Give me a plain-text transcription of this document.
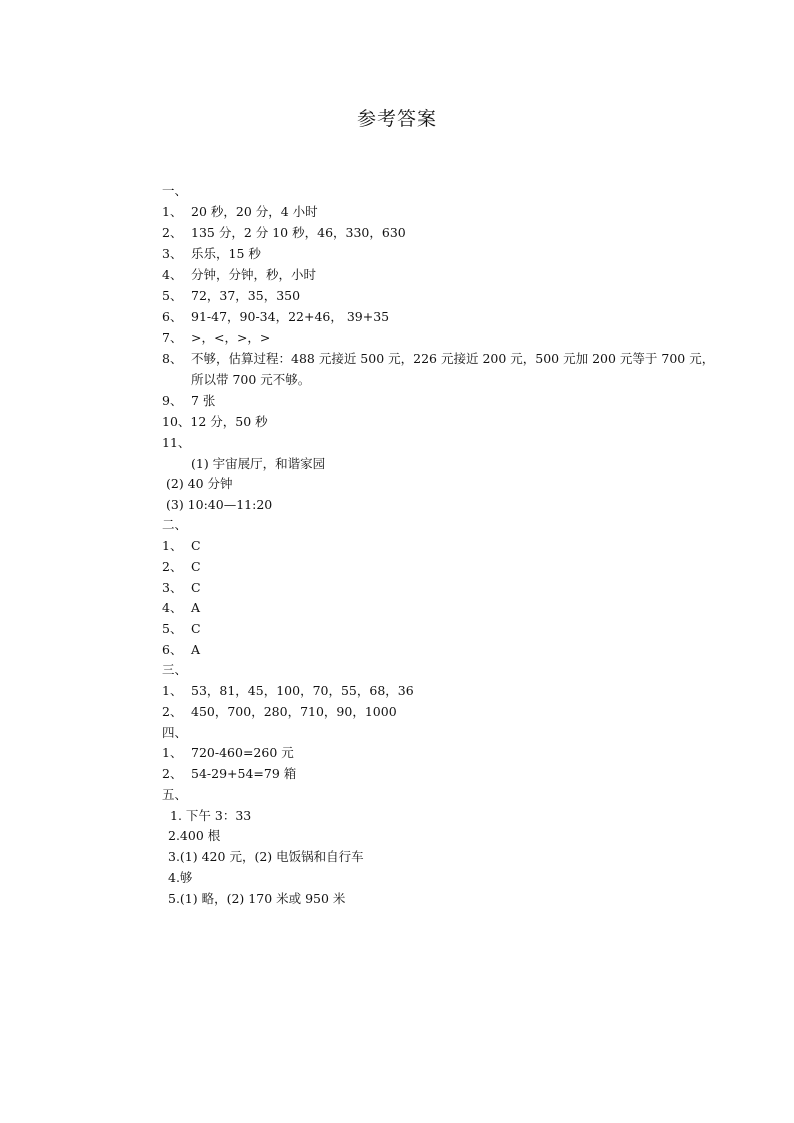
参考答案
一、
1、 20 秒，20 分，4 小时
2、 135 分，2 分 10 秒，46，330，630
3、 乐乐，15 秒
4、 分钟，分钟，秒，小时
5、 72，37，35，350
6、 91-47，90-34，22+46， 39+35
7、 >，<，>，>
8、 不够，估算过程：488 元接近 500 元，226 元接近 200 元，500 元加 200 元等于 700 元，
所以带 700 元不够。
9、 7 张
10、12 分，50 秒
11、
(1) 宇宙展厅，和谐家园
(2) 40 分钟
(3) 10:40—11:20
二、
1、 C
2、 C
3、 C
4、 A
5、 C
6、 A
三、
1、 53，81，45，100，70，55，68，36
2、 450，700，280，710，90，1000
四、
1、 720-460=260 元
2、 54-29+54=79 箱
五、
1. 下午 3：33
2.400 根
3.(1) 420 元，(2) 电饭锅和自行车
4.够
5.(1) 略，(2) 170 米或 950 米
